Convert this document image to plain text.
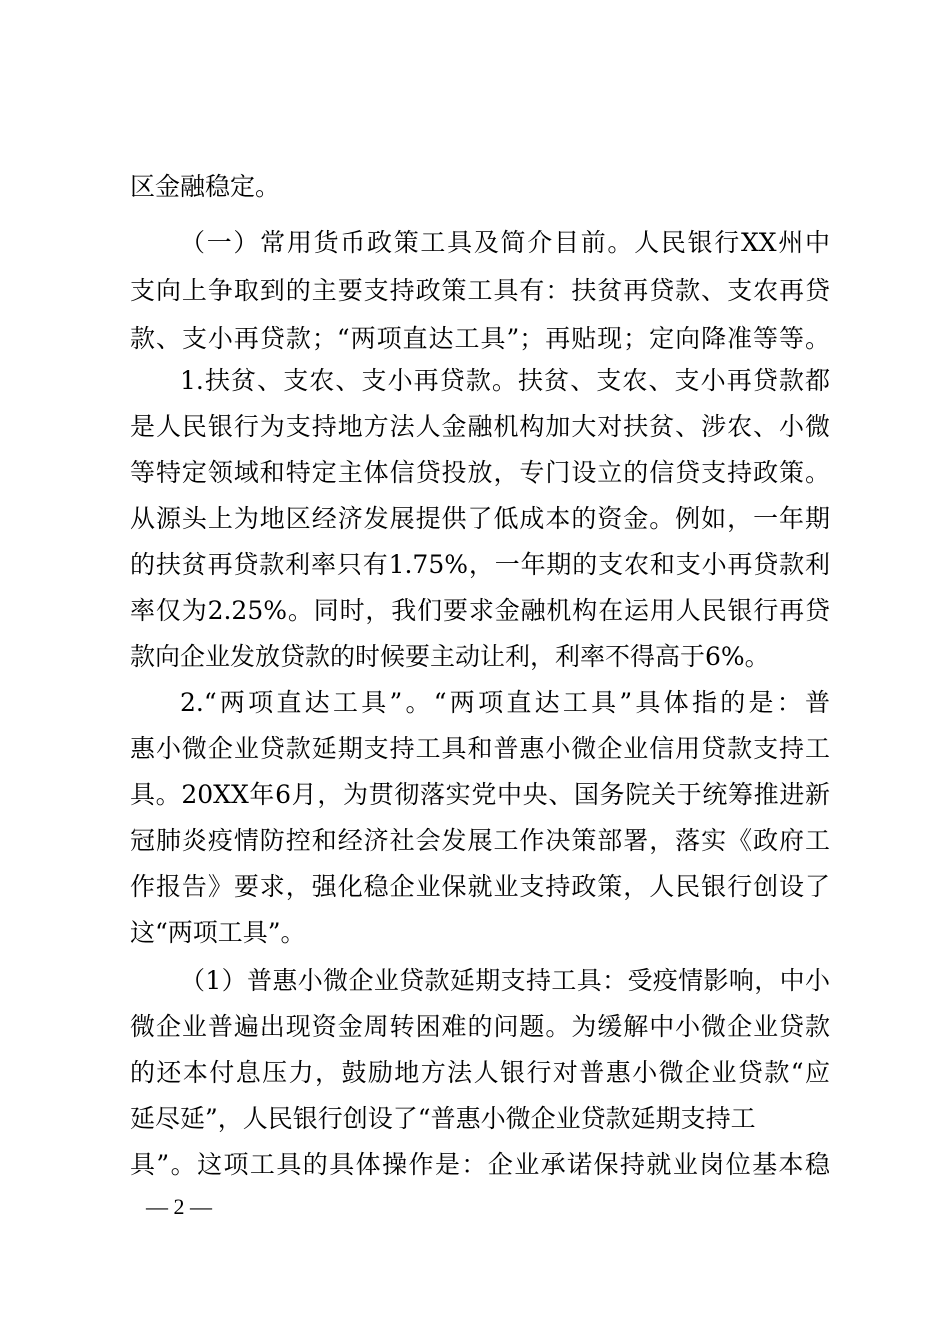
区金融稳定。
（一）常用货币政策工具及简介目前。人民银行XX州中
支向上争取到的主要支持政策工具有：扶贫再贷款、支农再贷
款、支小再贷款；“两项直达工具”；再贴现；定向降准等等。
1.扶贫、支农、支小再贷款。扶贫、支农、支小再贷款都
是人民银行为支持地方法人金融机构加大对扶贫、涉农、小微
等特定领域和特定主体信贷投放，专门设立的信贷支持政策。
从源头上为地区经济发展提供了低成本的资金。例如，一年期
的扶贫再贷款利率只有1.75%，一年期的支农和支小再贷款利
率仅为2.25%。同时，我们要求金融机构在运用人民银行再贷
款向企业发放贷款的时候要主动让利，利率不得高于6%。
2.“两项直达工具”。“两项直达工具”具体指的是：普
惠小微企业贷款延期支持工具和普惠小微企业信用贷款支持工
具。20XX年6月，为贯彻落实党中央、国务院关于统筹推进新
冠肺炎疫情防控和经济社会发展工作决策部署，落实《政府工
作报告》要求，强化稳企业保就业支持政策，人民银行创设了
这“两项工具”。
（1）普惠小微企业贷款延期支持工具：受疫情影响，中小
微企业普遍出现资金周转困难的问题。为缓解中小微企业贷款
的还本付息压力，鼓励地方法人银行对普惠小微企业贷款“应
延尽延”，人民银行创设了“普惠小微企业贷款延期支持工
具”。这项工具的具体操作是：企业承诺保持就业岗位基本稳
— 2 —
